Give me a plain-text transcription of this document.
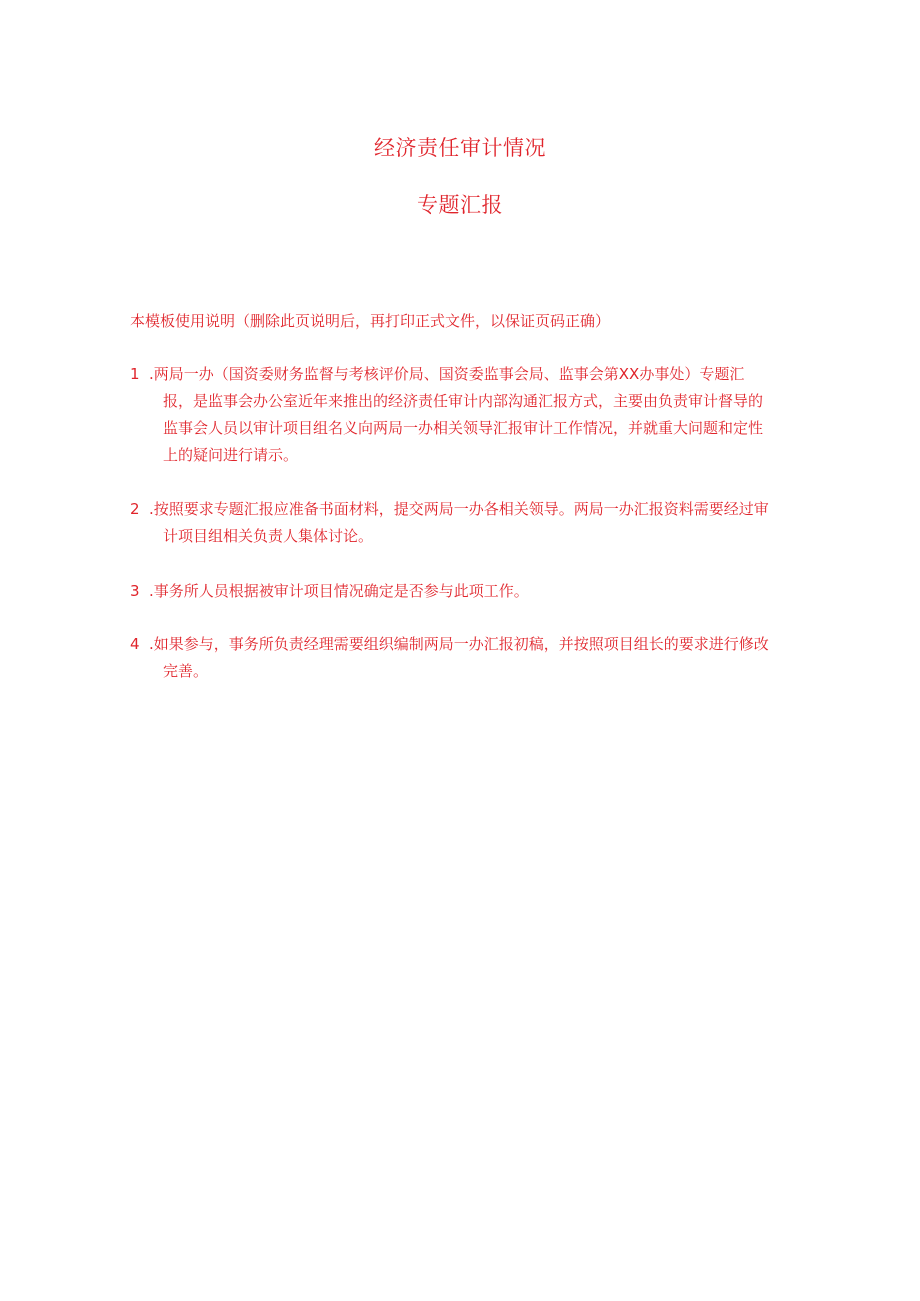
经济责任审计情况
专题汇报
本模板使用说明（删除此页说明后，再打印正式文件，以保证页码正确）
1 .两局一办（国资委财务监督与考核评价局、国资委监事会局、监事会第XX办事处）专题汇
报，是监事会办公室近年来推出的经济责任审计内部沟通汇报方式，主要由负责审计督导的
监事会人员以审计项目组名义向两局一办相关领导汇报审计工作情况，并就重大问题和定性
上的疑问进行请示。
2 .按照要求专题汇报应准备书面材料，提交两局一办各相关领导。两局一办汇报资料需要经过审
计项目组相关负责人集体讨论。
3 .事务所人员根据被审计项目情况确定是否参与此项工作。
4 .如果参与，事务所负责经理需要组织编制两局一办汇报初稿，并按照项目组长的要求进行修改
完善。
